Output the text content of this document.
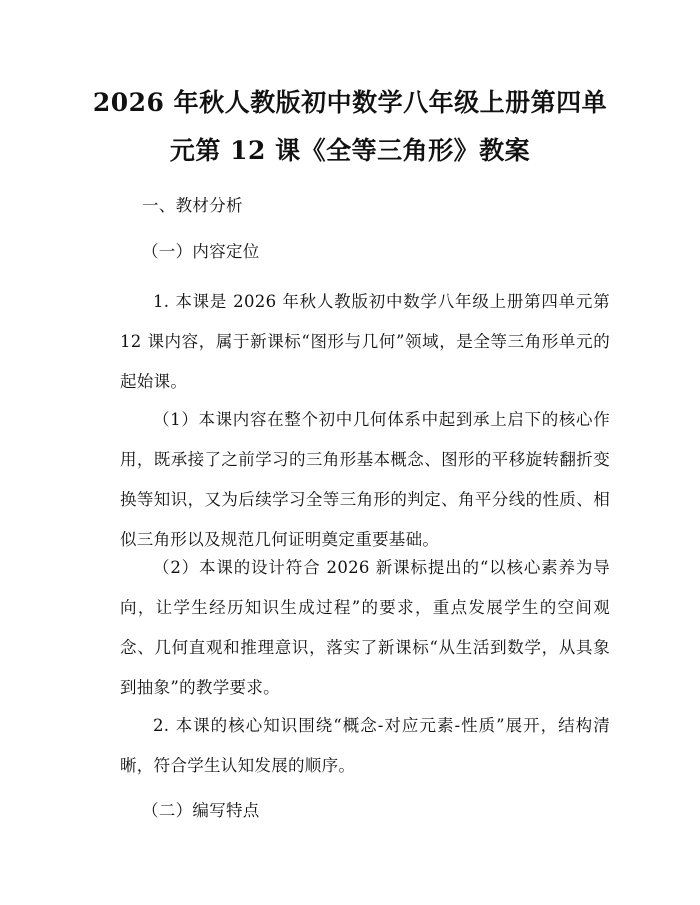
2026 年秋人教版初中数学八年级上册第四单
元第 12 课《全等三角形》教案
一、教材分析
（一）内容定位
1. 本课是 2026 年秋人教版初中数学八年级上册第四单元第 12 课内容，属于新课标“图形与几何”领域，是全等三角形单元的起始课。
（1）本课内容在整个初中几何体系中起到承上启下的核心作用，既承接了之前学习的三角形基本概念、图形的平移旋转翻折变换等知识，又为后续学习全等三角形的判定、角平分线的性质、相似三角形以及规范几何证明奠定重要基础。
（2）本课的设计符合 2026 新课标提出的“以核心素养为导向，让学生经历知识生成过程”的要求，重点发展学生的空间观念、几何直观和推理意识，落实了新课标“从生活到数学，从具象到抽象”的教学要求。
2. 本课的核心知识围绕“概念-对应元素-性质”展开，结构清晰，符合学生认知发展的顺序。
（二）编写特点
